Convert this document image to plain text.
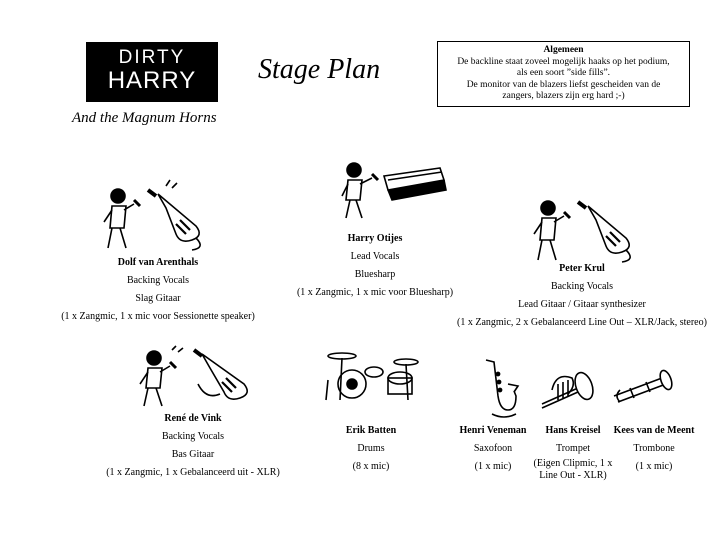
DIRTY
HARRY
And the Magnum Horns
Stage Plan
Algemeen
De backline staat zoveel mogelijk haaks op het podium,
als een soort ”side fills”.
De monitor van de blazers liefst gescheiden van de
zangers, blazers zijn erg hard ;-)
Dolf van Arenthals
Backing Vocals
Slag Gitaar
(1 x Zangmic, 1 x mic voor Sessionette speaker)
Harry Otijes
Lead Vocals
Bluesharp
(1 x Zangmic, 1 x mic voor Bluesharp)
Peter Krul
Backing Vocals
Lead Gitaar / Gitaar synthesizer
(1 x Zangmic, 2 x Gebalanceerd Line Out – XLR/Jack, stereo)
René de Vink
Backing Vocals
Bas Gitaar
(1 x Zangmic, 1 x Gebalanceerd uit - XLR)
Erik Batten
Drums
(8 x mic)
Henri Veneman
Saxofoon
(1 x mic)
Hans Kreisel
Trompet
(Eigen Clipmic, 1 x
Line Out - XLR)
Kees van de Meent
Trombone
(1 x mic)
